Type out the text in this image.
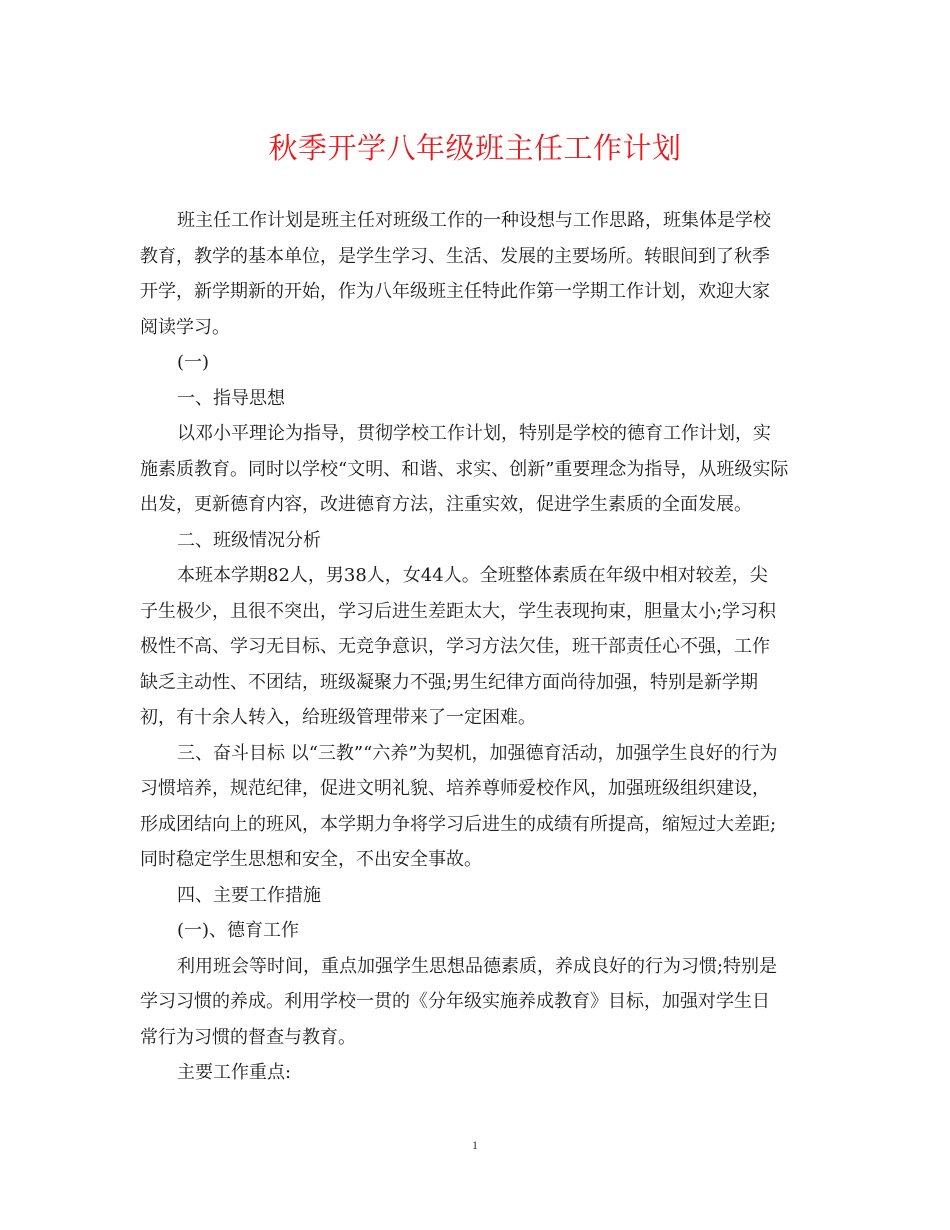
秋季开学八年级班主任工作计划

班主任工作计划是班主任对班级工作的一种设想与工作思路，班集体是学校
教育，教学的基本单位，是学生学习、生活、发展的主要场所。转眼间到了秋季
开学，新学期新的开始，作为八年级班主任特此作第一学期工作计划，欢迎大家
阅读学习。

(一)

一、指导思想

以邓小平理论为指导，贯彻学校工作计划，特别是学校的德育工作计划，实
施素质教育。同时以学校“文明、和谐、求实、创新”重要理念为指导，从班级实际
出发，更新德育内容，改进德育方法，注重实效，促进学生素质的全面发展。

二、班级情况分析

本班本学期82人，男38人，女44人。全班整体素质在年级中相对较差，尖
子生极少，且很不突出，学习后进生差距太大，学生表现拘束，胆量太小;学习积
极性不高、学习无目标、无竞争意识，学习方法欠佳，班干部责任心不强，工作
缺乏主动性、不团结，班级凝聚力不强;男生纪律方面尚待加强，特别是新学期
初，有十余人转入，给班级管理带来了一定困难。

三、奋斗目标 以“三教”“六养”为契机，加强德育活动，加强学生良好的行为
习惯培养，规范纪律，促进文明礼貌、培养尊师爱校作风，加强班级组织建设，
形成团结向上的班风，本学期力争将学习后进生的成绩有所提高，缩短过大差距;
同时稳定学生思想和安全，不出安全事故。

四、主要工作措施

(一)、德育工作

利用班会等时间，重点加强学生思想品德素质，养成良好的行为习惯;特别是
学习习惯的养成。利用学校一贯的《分年级实施养成教育》目标，加强对学生日
常行为习惯的督查与教育。

主要工作重点:

1
